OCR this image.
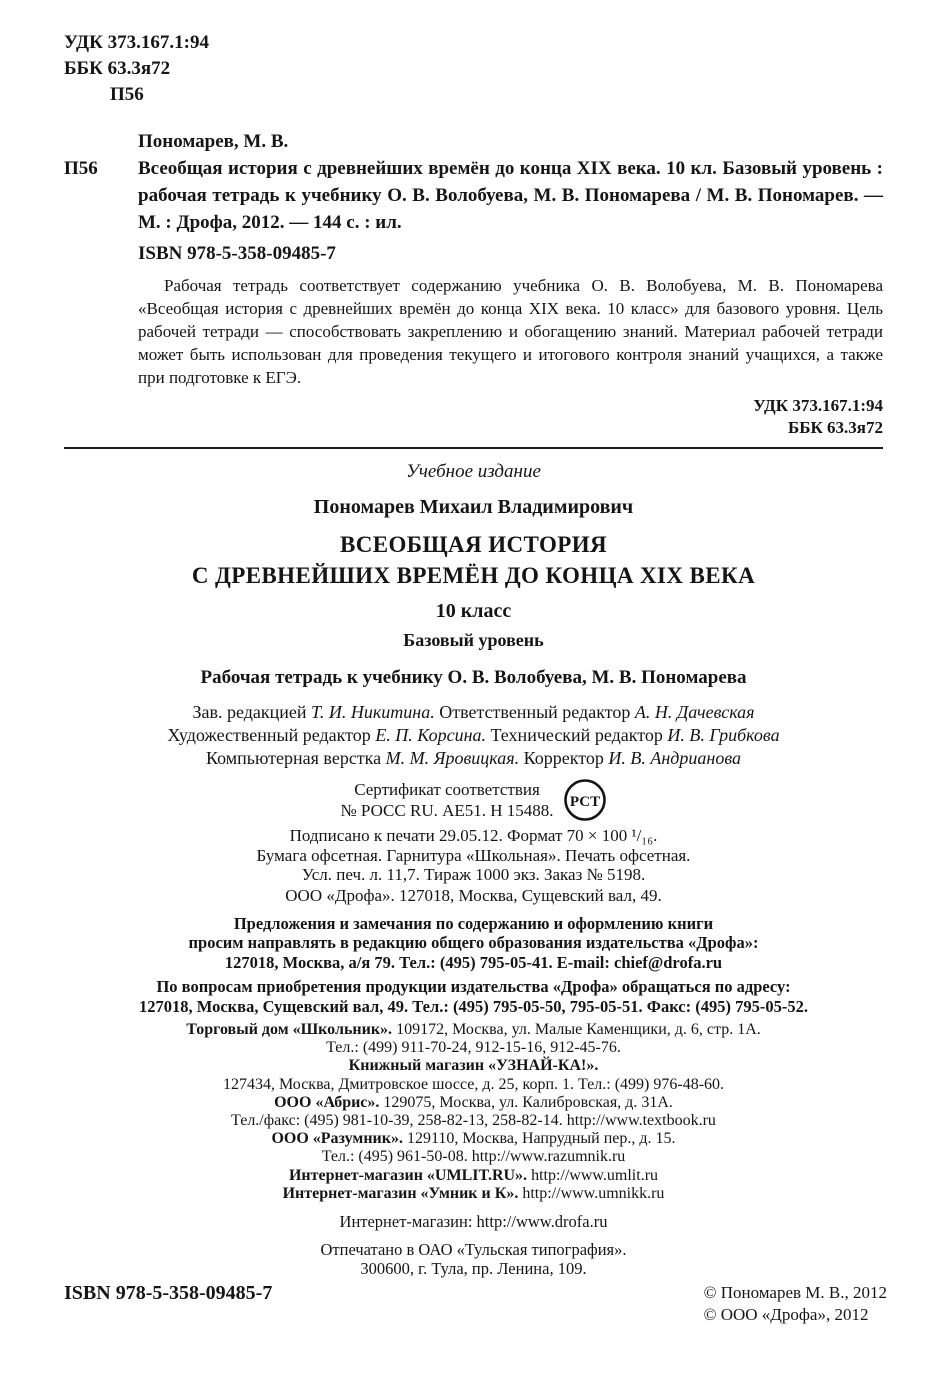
УДК 373.167.1:94
ББК 63.3я72
П56
Пономарев, М. В.
П56	Всеобщая история с древнейших времён до конца XIX века. 10 кл. Базовый уровень : рабочая тетрадь к учебнику О. В. Волобуева, М. В. Пономарева / М. В. Пономарев. — М. : Дрофа, 2012. — 144 с. : ил.
ISBN 978-5-358-09485-7
Рабочая тетрадь соответствует содержанию учебника О. В. Волобуева, М. В. Пономарева «Всеобщая история с древнейших времён до конца XIX века. 10 класс» для базового уровня. Цель рабочей тетради — способствовать закреплению и обогащению знаний. Материал рабочей тетради может быть использован для проведения текущего и итогового контроля знаний учащихся, а также при подготовке к ЕГЭ.
УДК 373.167.1:94
ББК 63.3я72
Учебное издание
Пономарев Михаил Владимирович
ВСЕОБЩАЯ ИСТОРИЯ
С ДРЕВНЕЙШИХ ВРЕМЁН ДО КОНЦА XIX ВЕКА
10 класс
Базовый уровень
Рабочая тетрадь к учебнику О. В. Волобуева, М. В. Пономарева
Зав. редакцией Т. И. Никитина. Ответственный редактор А. Н. Дачевская
Художественный редактор Е. П. Корсина. Технический редактор И. В. Грибкова
Компьютерная верстка М. М. Яровицкая. Корректор И. В. Андрианова
Сертификат соответствия
№ РОСС RU. АЕ51. Н 15488. РСТ
Подписано к печати 29.05.12. Формат 70 × 100 ¹/₁₆.
Бумага офсетная. Гарнитура «Школьная». Печать офсетная.
Усл. печ. л. 11,7. Тираж 1000 экз. Заказ № 5198.
ООО «Дрофа». 127018, Москва, Сущевский вал, 49.
Предложения и замечания по содержанию и оформлению книги
просим направлять в редакцию общего образования издательства «Дрофа»:
127018, Москва, а/я 79. Тел.: (495) 795-05-41. E-mail: chief@drofa.ru
По вопросам приобретения продукции издательства «Дрофа» обращаться по адресу:
127018, Москва, Сущевский вал, 49. Тел.: (495) 795-05-50, 795-05-51. Факс: (495) 795-05-52.
Торговый дом «Школьник». 109172, Москва, ул. Малые Каменщики, д. 6, стр. 1А.
Тел.: (499) 911-70-24, 912-15-16, 912-45-76.
Книжный магазин «УЗНАЙ-КА!».
127434, Москва, Дмитровское шоссе, д. 25, корп. 1. Тел.: (499) 976-48-60.
ООО «Абрис». 129075, Москва, ул. Калибровская, д. 31А.
Тел./факс: (495) 981-10-39, 258-82-13, 258-82-14. http://www.textbook.ru
ООО «Разумник». 129110, Москва, Напрудный пер., д. 15.
Тел.: (495) 961-50-08. http://www.razumnik.ru
Интернет-магазин «UMLIT.RU». http://www.umlit.ru
Интернет-магазин «Умник и К». http://www.umnikk.ru
Интернет-магазин: http://www.drofa.ru
Отпечатано в ОАО «Тульская типография».
300600, г. Тула, пр. Ленина, 109.
ISBN 978-5-358-09485-7	© Пономарев М. В., 2012
© ООО «Дрофа», 2012
